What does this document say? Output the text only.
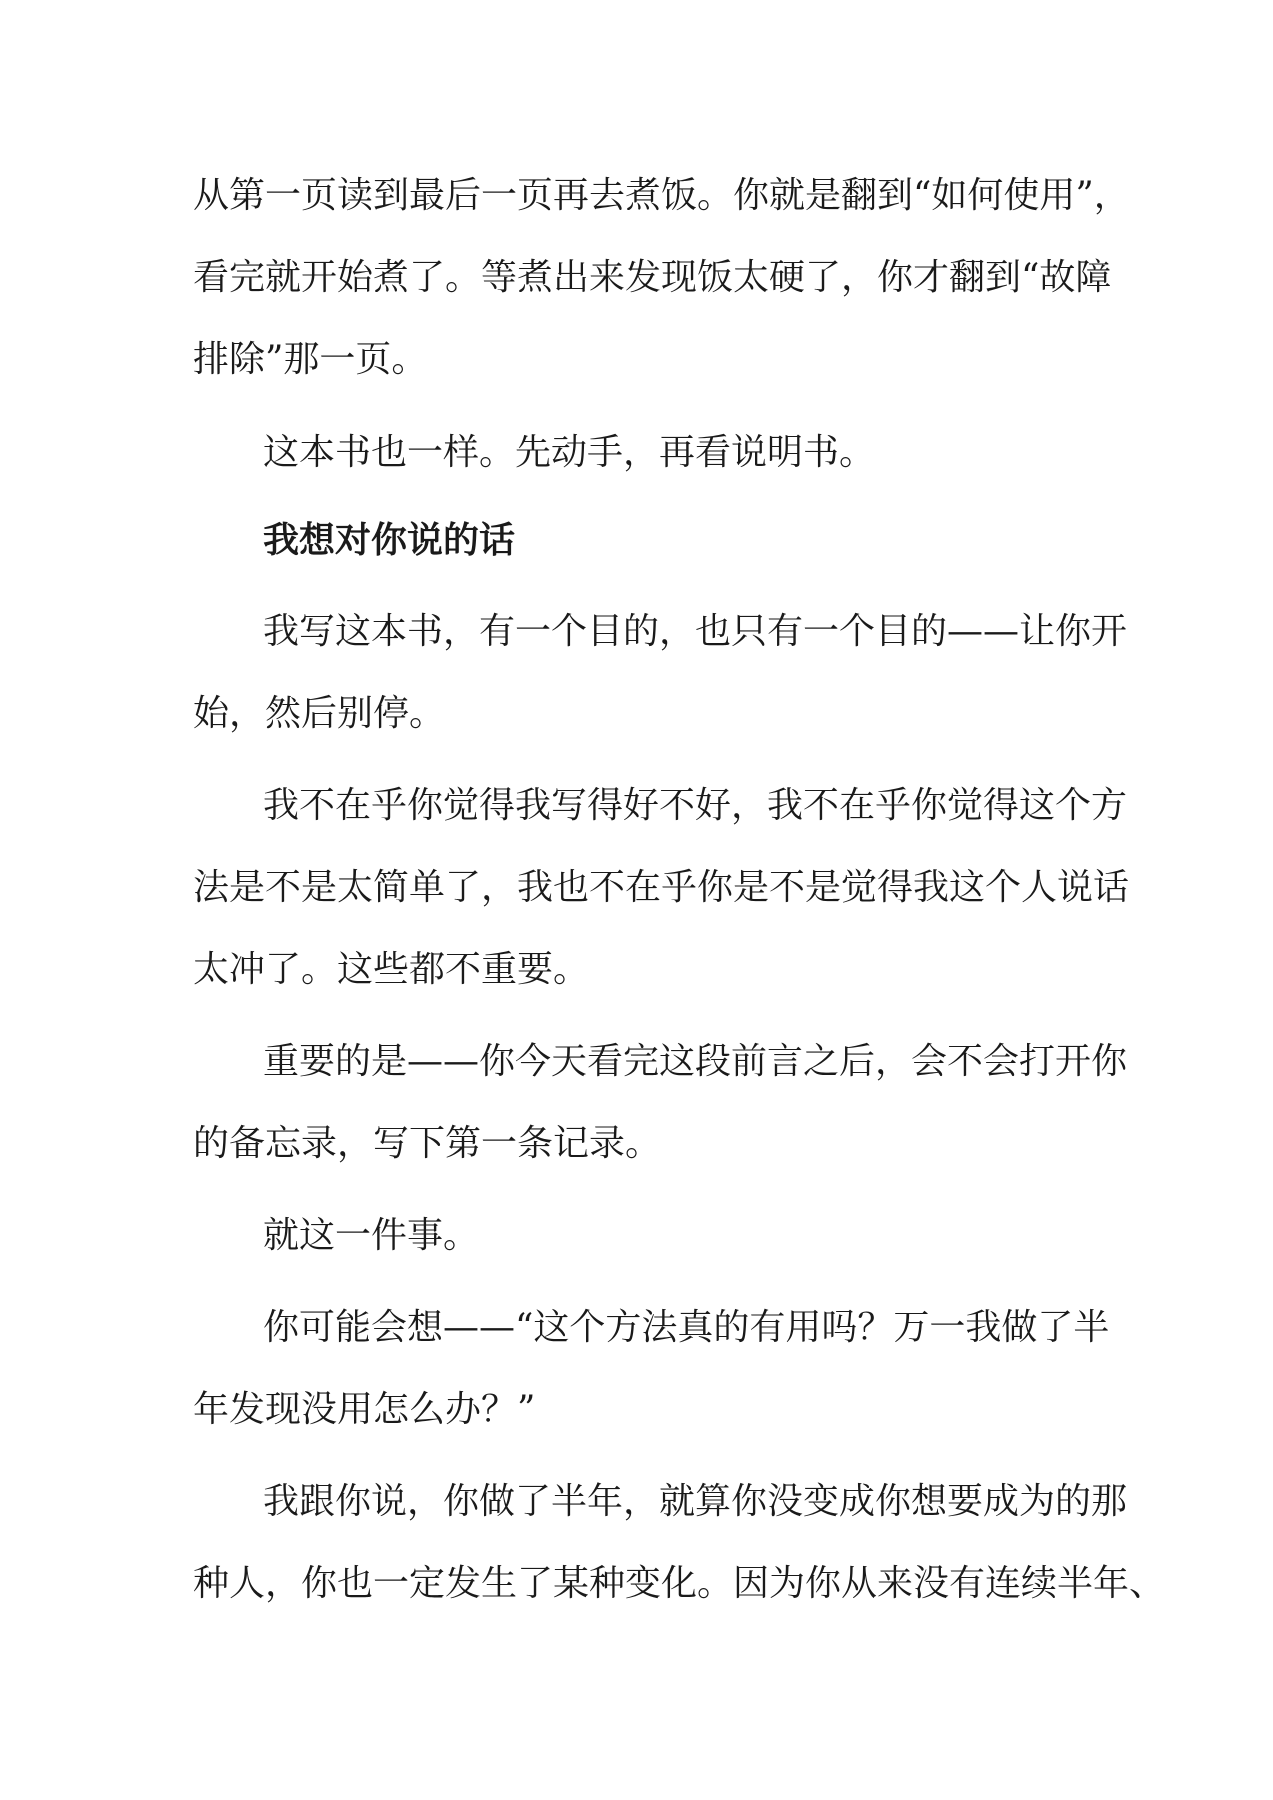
从第一页读到最后一页再去煮饭。你就是翻到“如何使用”，
看完就开始煮了。等煮出来发现饭太硬了，你才翻到“故障
排除”那一页。
这本书也一样。先动手，再看说明书。
我想对你说的话
我写这本书，有一个目的，也只有一个目的——让你开
始，然后别停。
我不在乎你觉得我写得好不好，我不在乎你觉得这个方
法是不是太简单了，我也不在乎你是不是觉得我这个人说话
太冲了。这些都不重要。
重要的是——你今天看完这段前言之后，会不会打开你
的备忘录，写下第一条记录。
就这一件事。
你可能会想——“这个方法真的有用吗？万一我做了半
年发现没用怎么办？”
我跟你说，你做了半年，就算你没变成你想要成为的那
种人，你也一定发生了某种变化。因为你从来没有连续半年、
